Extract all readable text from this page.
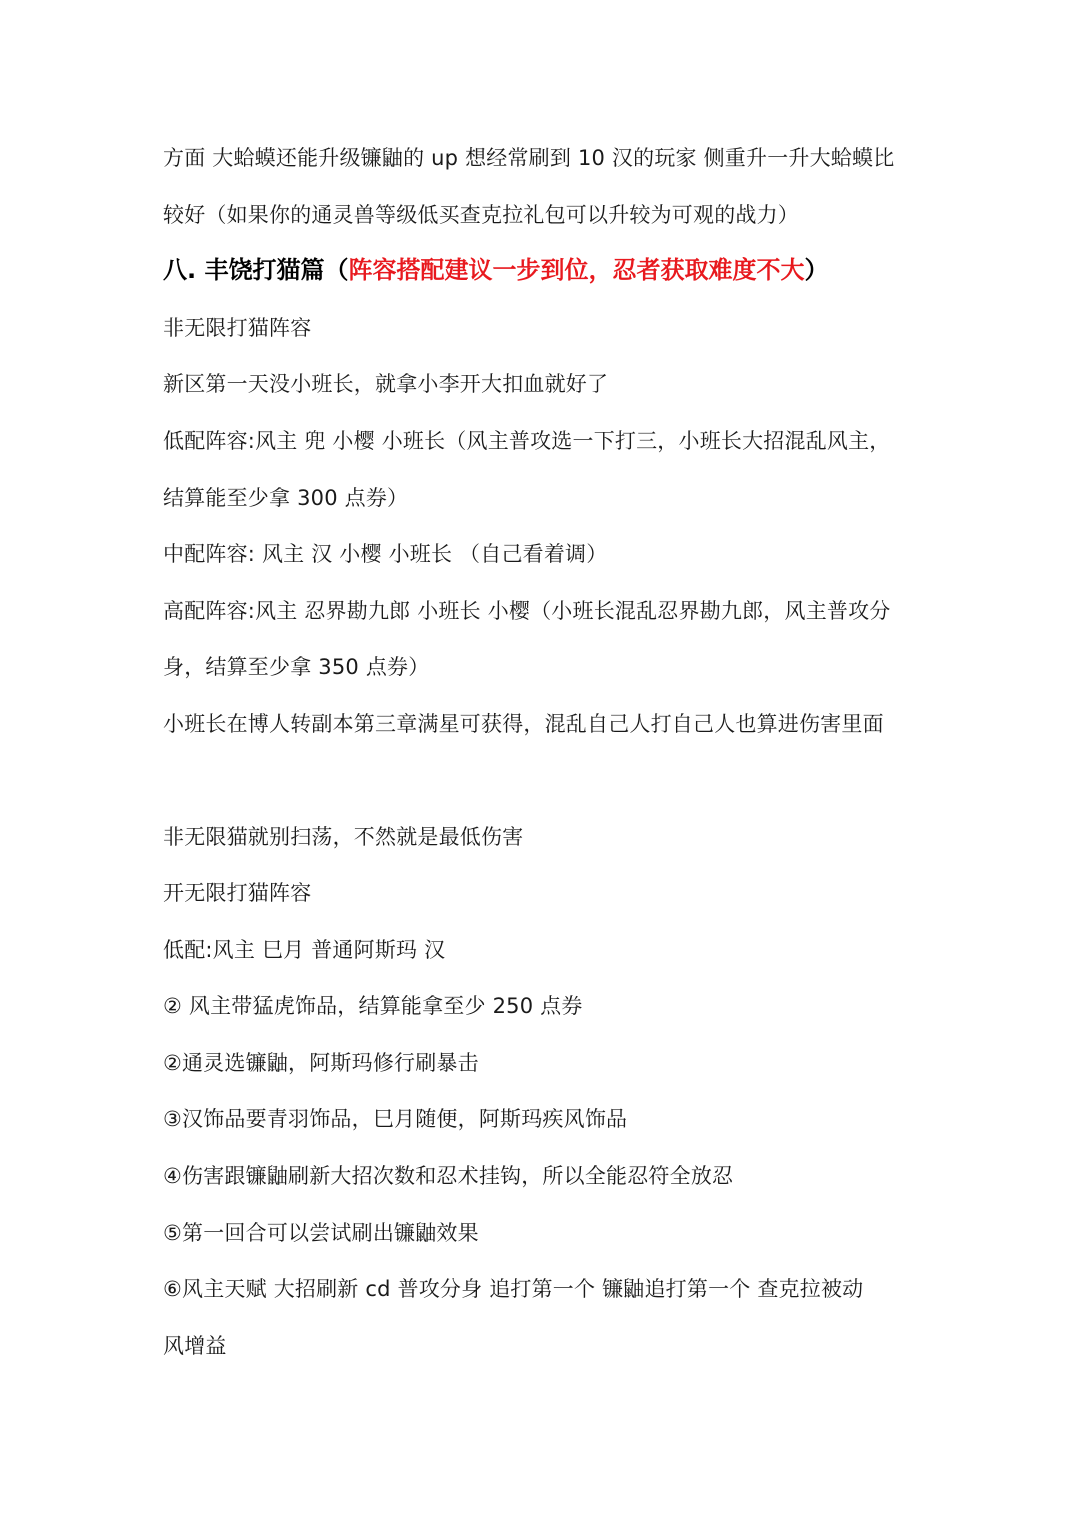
方面 大蛤蟆还能升级镰鼬的 up 想经常刷到 10 汉的玩家 侧重升一升大蛤蟆比
较好（如果你的通灵兽等级低买查克拉礼包可以升较为可观的战力）
八. 丰饶打猫篇（阵容搭配建议一步到位，忍者获取难度不大）
非无限打猫阵容
新区第一天没小班长，就拿小李开大扣血就好了
低配阵容:风主 兜 小樱 小班长（风主普攻选一下打三，小班长大招混乱风主，
结算能至少拿 300 点券）
中配阵容: 风主 汉 小樱 小班长 （自己看着调）
高配阵容:风主 忍界勘九郎 小班长 小樱（小班长混乱忍界勘九郎，风主普攻分
身，结算至少拿 350 点券）
小班长在博人转副本第三章满星可获得，混乱自己人打自己人也算进伤害里面
非无限猫就别扫荡，不然就是最低伤害
开无限打猫阵容
低配:风主 巳月 普通阿斯玛 汉
② 风主带猛虎饰品，结算能拿至少 250 点券
②通灵选镰鼬，阿斯玛修行刷暴击
③汉饰品要青羽饰品，巳月随便，阿斯玛疾风饰品
④伤害跟镰鼬刷新大招次数和忍术挂钩，所以全能忍符全放忍
⑤第一回合可以尝试刷出镰鼬效果
⑥风主天赋 大招刷新 cd 普攻分身 追打第一个 镰鼬追打第一个 查克拉被动
风增益
